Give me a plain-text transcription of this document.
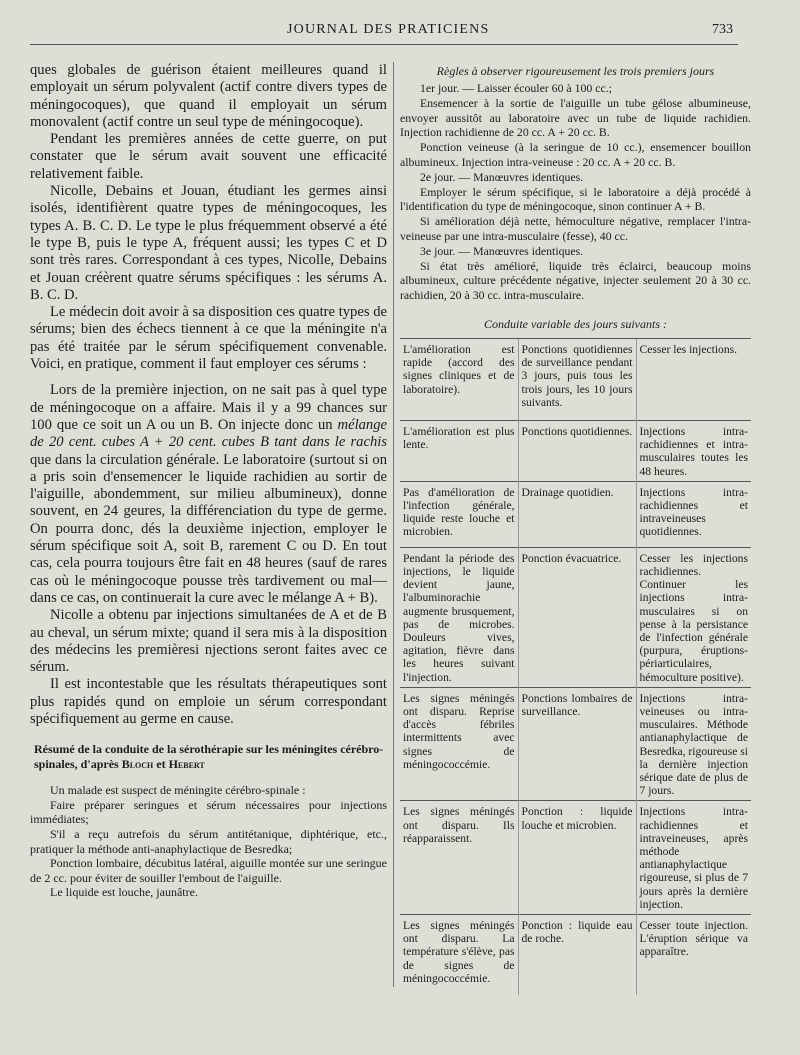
JOURNAL DES PRATICIENS	733

ques globales de guérison étaient meilleures quand il employait un sérum polyvalent (actif contre divers types de méningocoques), que quand il employait un sérum monovalent (actif contre un seul type de méningocoque).

Pendant les premières années de cette guerre, on put constater que le sérum avait souvent une efficacité relativement faible.

Nicolle, Debains et Jouan, étudiant les germes ainsi isolés, identifièrent quatre types de méningocoques, les types A. B. C. D. Le type le plus fréquemment observé a été le type B, puis le type A, fréquent aussi; les types C et D sont très rares. Correspondant à ces types, Nicolle, Debains et Jouan créèrent quatre sérums spécifiques : les sérums A. B. C. D.

Le médecin doit avoir à sa disposition ces quatre types de sérums; bien des échecs tiennent à ce que la méningite n'a pas été traitée par le sérum spécifiquement convenable. Voici, en pratique, comment il faut employer ces sérums :

Lors de la première injection, on ne sait pas à quel type de méningocoque on a affaire. Mais il y a 99 chances sur 100 que ce soit un A ou un B. On injecte donc un mélange de 20 cent. cubes A + 20 cent. cubes B tant dans le rachis que dans la circulation générale. Le laboratoire (surtout si on a pris soin d'ensemencer le liquide rachidien au sortir de l'aiguille, abondemment, sur milieu albumineux), donne souvent, en 24 geures, la différenciation du type de germe. On pourra donc, dés la deuxième injection, employer le sérum spécifique soit A, soit B, rarement C ou D. En tout cas, cela pourra toujours être fait en 48 heures (sauf de rares cas où le méningocoque pousse très tardivement ou mal— dans ce cas, on continuerait la cure avec le mélange A + B).

Nicolle a obtenu par injections simultanées de A et de B au cheval, un sérum mixte; quand il sera mis à la disposition des médecins les premièresi njections seront faites avec ce sérum.

Il est incontestable que les résultats thérapeutiques sont plus rapidés qund on emploie un sérum correspondant spécifiquement au germe en cause.

Résumé de la conduite de la sérothérapie sur les méningites cérébro-spinales, d'après Bloch et Hebert

Un malade est suspect de méningite cérébro-spinale :

Faire préparer seringues et sérum nécessaires pour injections immédiates;

S'il a reçu autrefois du sérum antitétanique, diphtérique, etc., pratiquer la méthode anti-anaphylactique de Besredka;

Ponction lombaire, décubitus latéral, aiguille montée sur une seringue de 2 cc. pour éviter de souiller l'embout de l'aiguille.

Le liquide est louche, jaunâtre.

Règles à observer rigoureusement les trois premiers jours

1er jour. — Laisser écouler 60 à 100 cc.;

Ensemencer à la sortie de l'aiguille un tube gélose albumineuse, envoyer aussitôt au laboratoire avec un tube de liquide rachidien. Injection rachidienne de 20 cc. A + 20 cc. B.

Ponction veineuse (à la seringue de 10 cc.), ensemencer bouillon albumineux. Injection intra-veineuse : 20 cc. A + 20 cc. B.

2e jour. — Manœuvres identiques.

Employer le sérum spécifique, si le laboratoire a déjà procédé à l'identification du type de méningocoque, sinon continuer A + B.

Si amélioration déjà nette, hémoculture négative, remplacer l'intra-veineuse par une intra-musculaire (fesse), 40 cc.

3e jour. — Manœuvres identiques.

Si état très amélioré, liquide très éclairci, beaucoup moins albumineux, culture précédente négative, injecter seulement 20 à 30 cc. rachidien, 20 à 30 cc. intra-musculaire.

Conduite variable des jours suivants :

L'amélioration est rapide (accord des signes cliniques et de laboratoire).	Ponctions quotidiennes de surveillance pendant 3 jours, puis tous les trois jours, les 10 jours suivants.	Cesser les injections.
L'amélioration est plus lente.	Ponctions quotidiennes.	Injections intra-rachidiennes et intra-musculaires toutes les 48 heures.
Pas d'amélioration de l'infection générale, liquide reste louche et microbien.	Drainage quotidien.	Injections intra-rachidiennes et intraveineuses quotidiennes.
Pendant la période des injections, le liquide devient jaune, l'albuminorachie augmente brusquement, pas de microbes. Douleurs vives, agitation, fièvre dans les heures suivant l'injection.	Ponction évacuatrice.	Cesser les injections rachidiennes. Continuer les injections intra-musculaires si on pense à la persistance de l'infection générale (purpura, éruptions-périarticulaires, hémoculture positive).
Les signes méningés ont disparu. Reprise d'accès fébriles intermittents avec signes de méningococcémie.	Ponctions lombaires de surveillance.	Injections intra-veineuses ou intra-musculaires. Méthode antianaphylactique de Besredka, rigoureuse si la dernière injection sérique date de plus de 7 jours.
Les signes méningés ont disparu. Ils réapparaissent.	Ponction : liquide louche et microbien.	Injections intra-rachidiennes et intraveineuses, après méthode antianaphylactique rigoureuse, si plus de 7 jours après la dernière injection.
Les signes méningés ont disparu. La température s'élève, pas de signes de méningococcémie.	Ponction : liquide eau de roche.	Cesser toute injection. L'éruption sérique va apparaître.
